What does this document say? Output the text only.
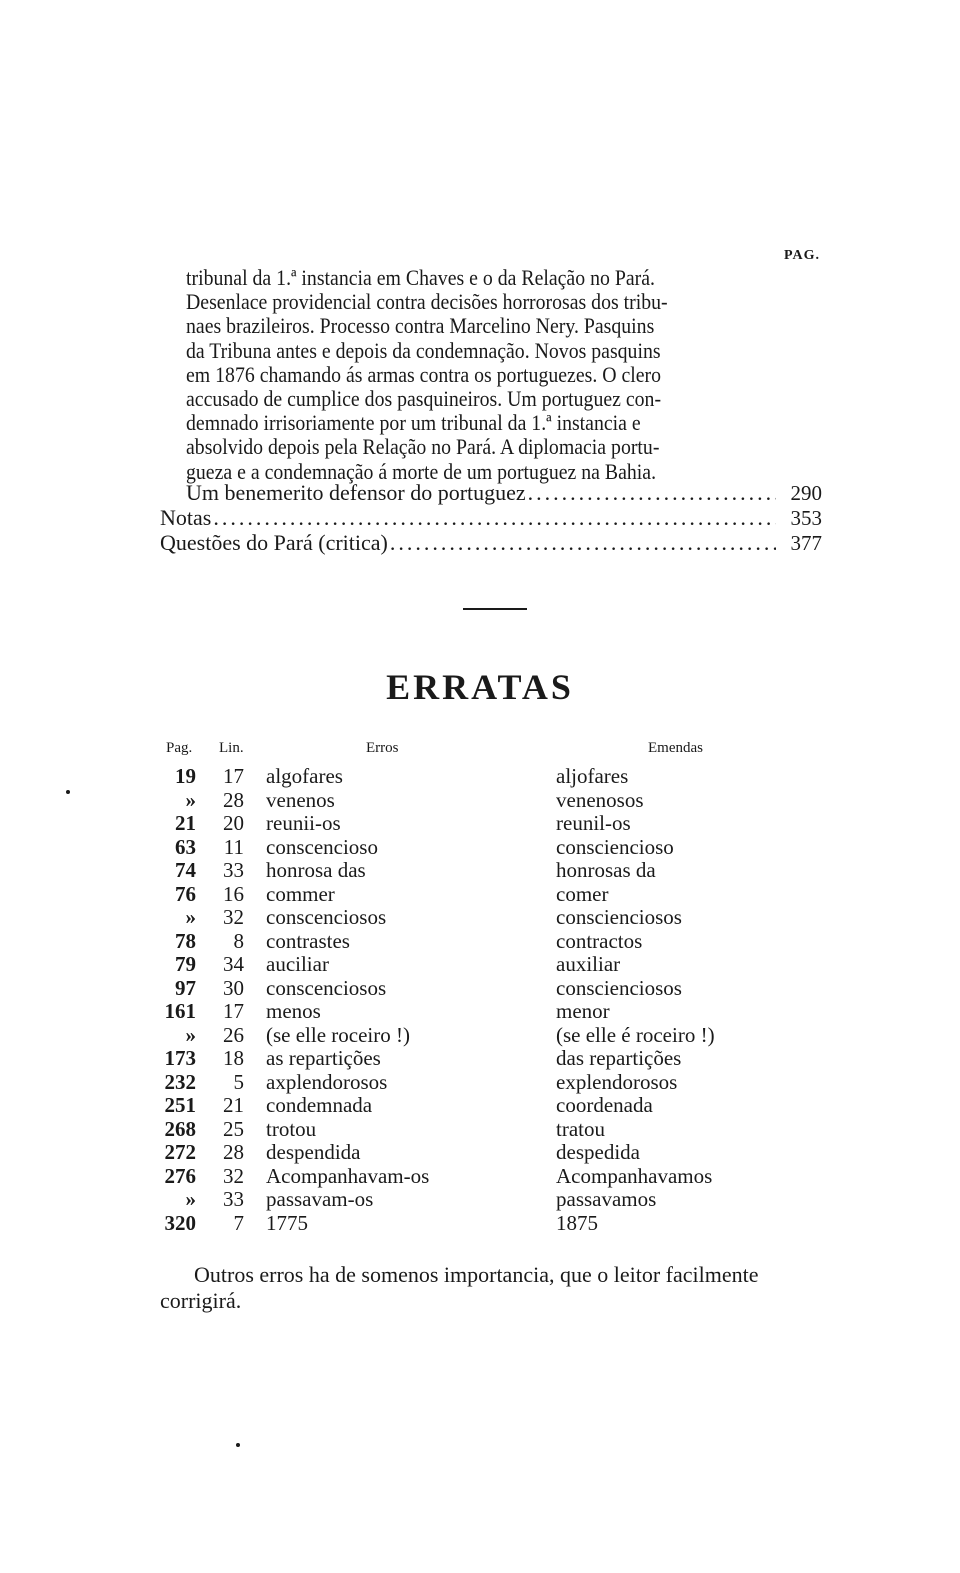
PAG.

tribunal da 1.ª instancia em Chaves e o da Relação no Pará.
Desenlace providencial contra decisões horrorosas dos tribu-
naes brazileiros. Processo contra Marcelino Nery. Pasquins
da Tribuna antes e depois da condemnação. Novos pasquins
em 1876 chamando ás armas contra os portuguezes. O clero
accusado de cumplice dos pasquineiros. Um portuguez con-
demnado irrisoriamente por um tribunal da 1.ª instancia e
absolvido depois pela Relação no Pará. A diplomacia portu-
gueza e a condemnação á morte de um portuguez na Bahia.

Um benemerito defensor do portuguez .....	290
Notas .....	353
Questões do Pará (critica) .....	377
ERRATAS
Pag. Lin.	Erros	Emendas
19	17 algofares	aljofares
»	28 venenos	venenosos
21	20 reunii-os	reunil-os
63	11 conscencioso	consciencioso
74	33 honrosa das	honrosas da
76	16 commer	comer
»	32 conscenciosos	conscienciosos
78	8 contrastes	contractos
79	34 auciliar	auxiliar
97	30 conscenciosos	conscienciosos
161	17 menos	menor
»	26 (se elle roceiro !)	(se elle é roceiro !)
173	18 as repartições	das repartições
232	5 axplendorosos	explendorosos
251	21 condemnada	coordenada
268	25 trotou	tratou
272	28 despendida	despedida
276	32 Acompanhavam-os	Acompanhavamos
»	33 passavam-os	passavamos
320	7 1775	1875

Outros erros ha de somenos importancia, que o leitor facilmente corrigirá.
